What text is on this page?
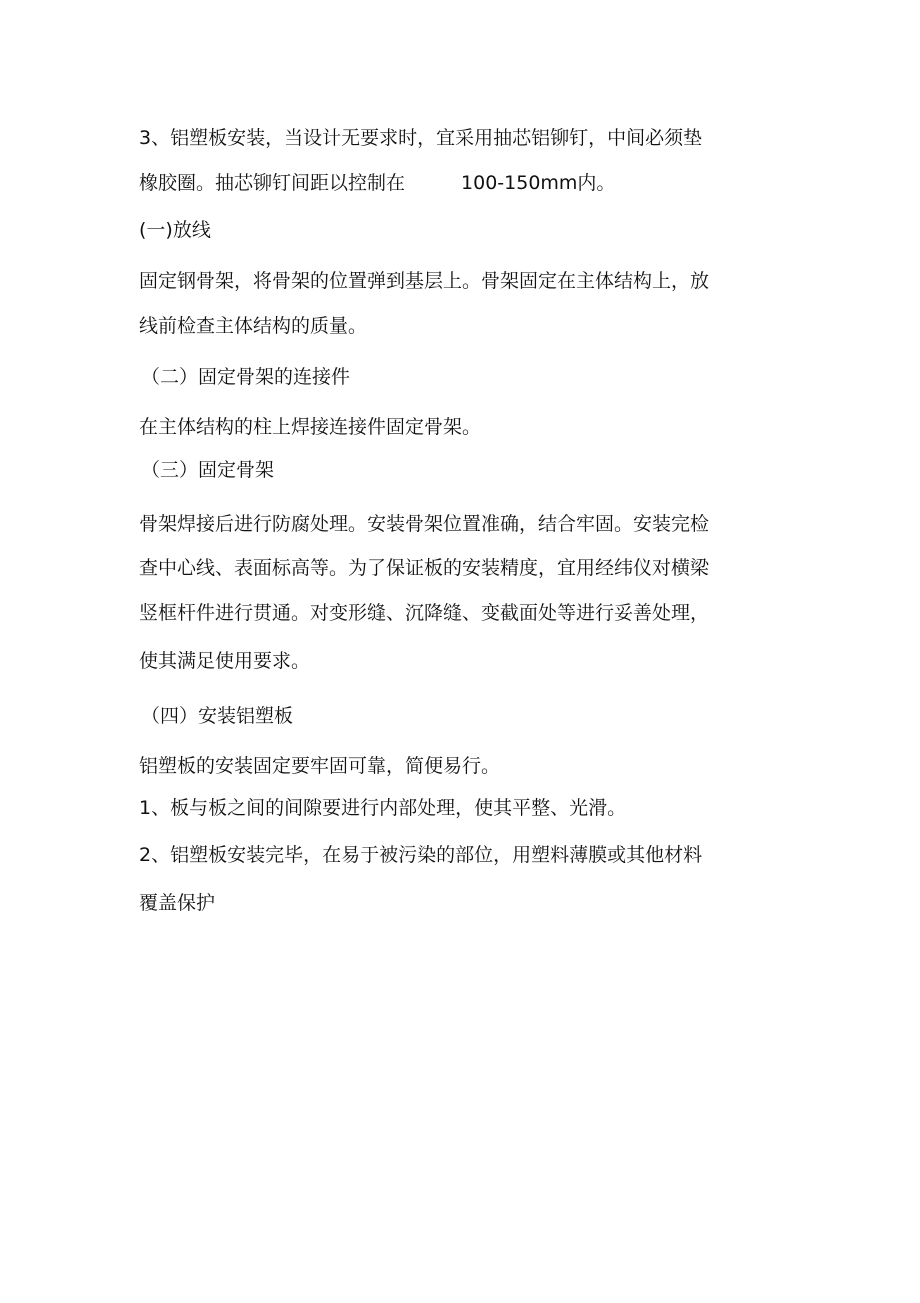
3、铝塑板安装，当设计无要求时，宜采用抽芯铝铆钉，中间必须垫
橡胶圈。抽芯铆钉间距以控制在	100-150mm内。
(一)放线
固定钢骨架，将骨架的位置弹到基层上。骨架固定在主体结构上，放
线前检查主体结构的质量。
（二）固定骨架的连接件
在主体结构的柱上焊接连接件固定骨架。
（三）固定骨架
骨架焊接后进行防腐处理。安装骨架位置准确，结合牢固。安装完检
查中心线、表面标高等。为了保证板的安装精度，宜用经纬仪对横梁
竖框杆件进行贯通。对变形缝、沉降缝、变截面处等进行妥善处理，
使其满足使用要求。
（四）安装铝塑板
铝塑板的安装固定要牢固可靠，简便易行。
1、板与板之间的间隙要进行内部处理，使其平整、光滑。
2、铝塑板安装完毕，在易于被污染的部位，用塑料薄膜或其他材料
覆盖保护
